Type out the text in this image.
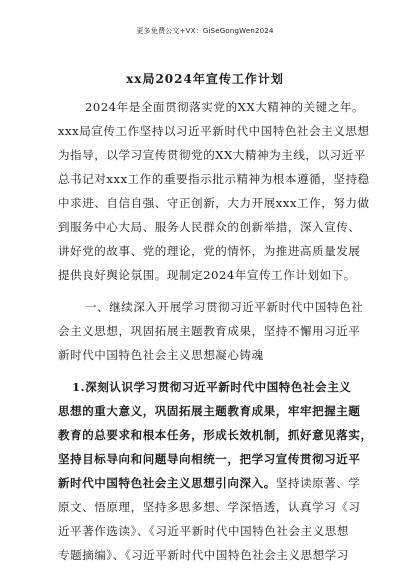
更多免费公文+VX：GiSeGongWen2024
xx局2024年宣传工作计划
2024年是全面贯彻落实党的XX大精神的关键之年。
xxx局宣传工作坚持以习近平新时代中国特色社会主义思想
为指导，以学习宣传贯彻党的XX大精神为主线，以习近平
总书记对xxx工作的重要指示批示精神为根本遵循，坚持稳
中求进、自信自强、守正创新，大力开展xxx工作，努力做
到服务中心大局、服务人民群众的创新举措，深入宣传、
讲好党的故事、党的理论，党的情怀，为推进高质量发展
提供良好舆论氛围。现制定2024年宣传工作计划如下。
一、继续深入开展学习贯彻习近平新时代中国特色社
会主义思想，巩固拓展主题教育成果，坚持不懈用习近平
新时代中国特色社会主义思想凝心铸魂
1.深刻认识学习贯彻习近平新时代中国特色社会主义
思想的重大意义，巩固拓展主题教育成果，牢牢把握主题
教育的总要求和根本任务，形成长效机制，抓好意见落实，
坚持目标导向和问题导向相统一，把学习宣传贯彻习近平
新时代中国特色社会主义思想引向深入。坚持读原著、学
原文、悟原理，坚持多思多想、学深悟透，认真学习《习
近平著作选读》、《习近平新时代中国特色社会主义思想
专题摘编》、《习近平新时代中国特色社会主义思想学习
